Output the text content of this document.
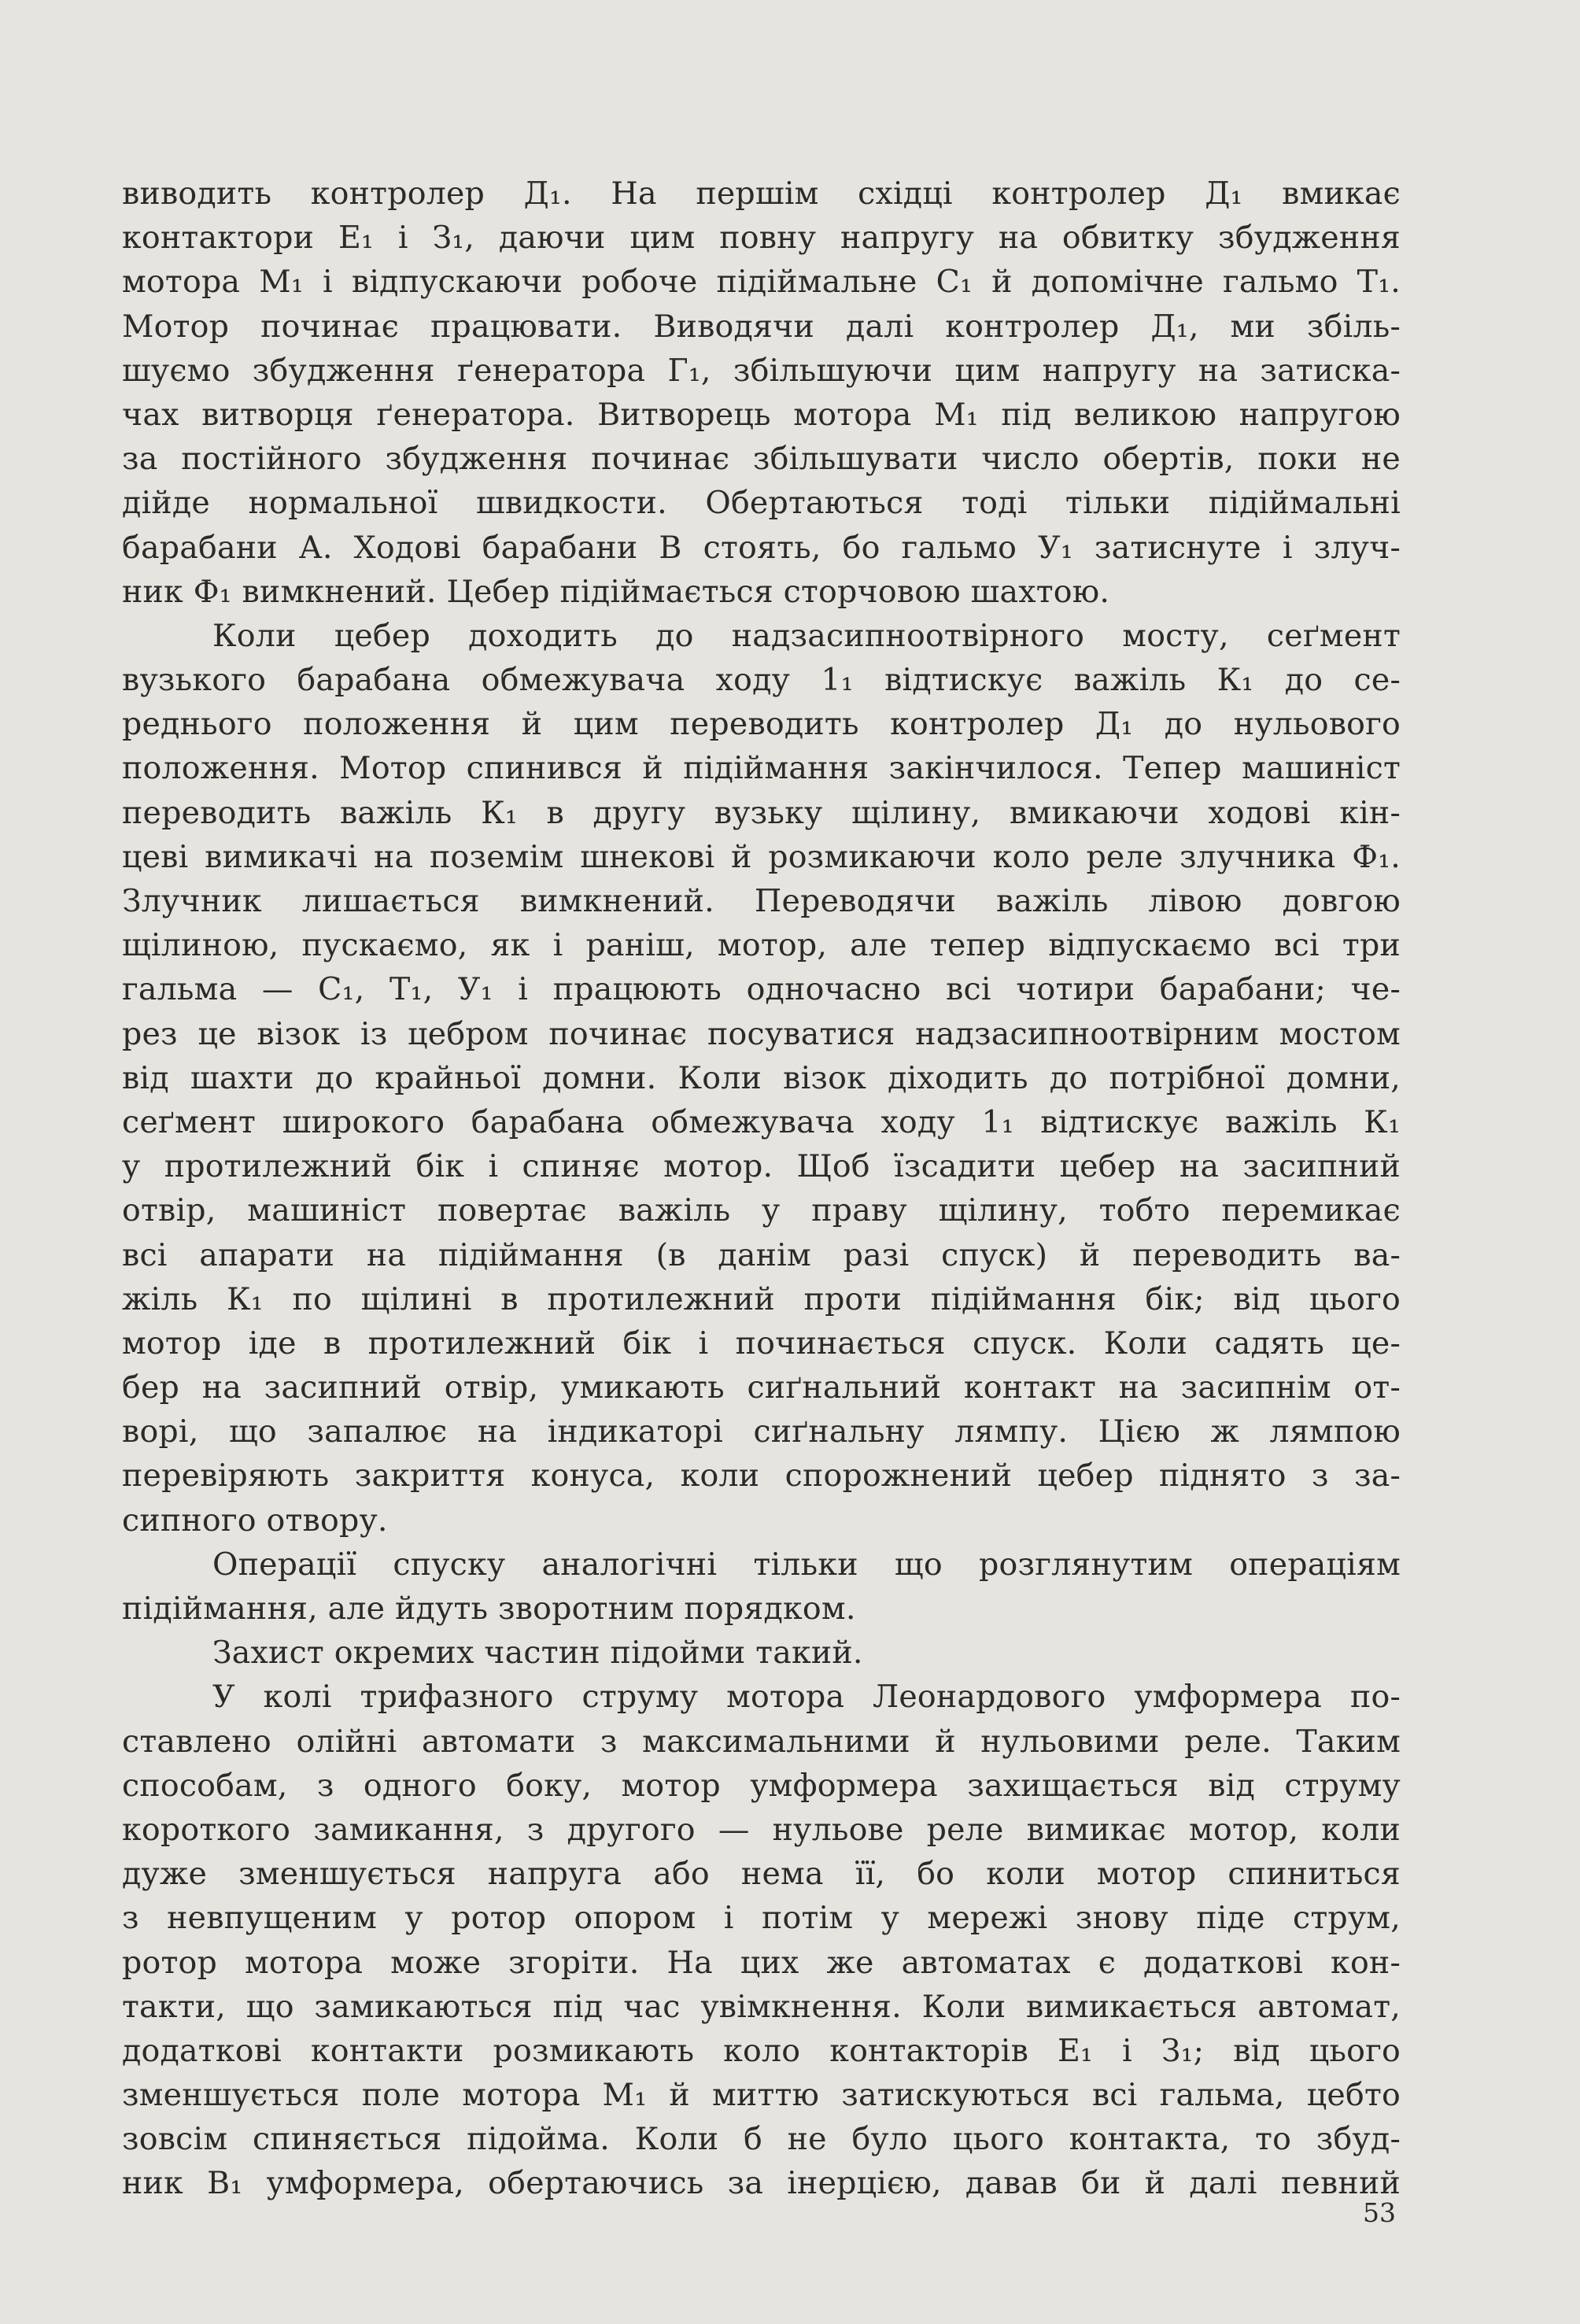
виводить контролер Д₁. На першім східці контролер Д₁ вмикає
контактори Е₁ і З₁, даючи цим повну напругу на обвитку збудження
мотора М₁ і відпускаючи робоче підіймальне С₁ й допомічне гальмо Т₁.
Мотор починає працювати. Виводячи далі контролер Д₁, ми збіль-
шуємо збудження ґенератора Г₁, збільшуючи цим напругу на затиска-
чах витворця ґенератора. Витворець мотора М₁ під великою напругою
за постійного збудження починає збільшувати число обертів, поки не
дійде нормальної швидкости. Обертаються тоді тільки підіймальні
барабани А. Ходові барабани В стоять, бо гальмо У₁ затиснуте і злуч-
ник Ф₁ вимкнений. Цебер підіймається сторчовою шахтою.
Коли цебер доходить до надзасипноотвірного мосту, сеґмент
вузького барабана обмежувача ходу 1₁ відтискує важіль К₁ до се-
реднього положення й цим переводить контролер Д₁ до нульового
положення. Мотор спинився й підіймання закінчилося. Тепер машиніст
переводить важіль К₁ в другу вузьку щілину, вмикаючи ходові кін-
цеві вимикачі на поземім шнекові й розмикаючи коло реле злучника Ф₁.
Злучник лишається вимкнений. Переводячи важіль лівою довгою
щілиною, пускаємо, як і раніш, мотор, але тепер відпускаємо всі три
гальма — С₁, Т₁, У₁ і працюють одночасно всі чотири барабани; че-
рез це візок із цебром починає посуватися надзасипноотвірним мостом
від шахти до крайньої домни. Коли візок діходить до потрібної домни,
сеґмент широкого барабана обмежувача ходу 1₁ відтискує важіль К₁
у протилежний бік і спиняє мотор. Щоб їзсадити цебер на засипний
отвір, машиніст повертає важіль у праву щілину, тобто перемикає
всі апарати на підіймання (в данім разі спуск) й переводить ва-
жіль К₁ по щілині в протилежний проти підіймання бік; від цього
мотор іде в протилежний бік і починається спуск. Коли садять це-
бер на засипний отвір, умикають сиґнальний контакт на засипнім от-
ворі, що запалює на індикаторі сиґнальну лямпу. Цією ж лямпою
перевіряють закриття конуса, коли спорожнений цебер піднято з за-
сипного отвору.
Операції спуску аналогічні тільки що розглянутим операціям
підіймання, але йдуть зворотним порядком.
Захист окремих частин підойми такий.
У колі трифазного струму мотора Леонардового умформера по-
ставлено олійні автомати з максимальними й нульовими реле. Таким
способам, з одного боку, мотор умформера захищається від струму
короткого замикання, з другого — нульове реле вимикає мотор, коли
дуже зменшується напруга або нема її, бо коли мотор спиниться
з невпущеним у ротор опором і потім у мережі знову піде струм,
ротор мотора може згоріти. На цих же автоматах є додаткові кон-
такти, що замикаються під час увімкнення. Коли вимикається автомат,
додаткові контакти розмикають коло контакторів Е₁ і З₁; від цього
зменшується поле мотора М₁ й миттю затискуються всі гальма, цебто
зовсім спиняється підойма. Коли б не було цього контакта, то збуд-
ник В₁ умформера, обертаючись за інерцією, давав би й далі певний
53
